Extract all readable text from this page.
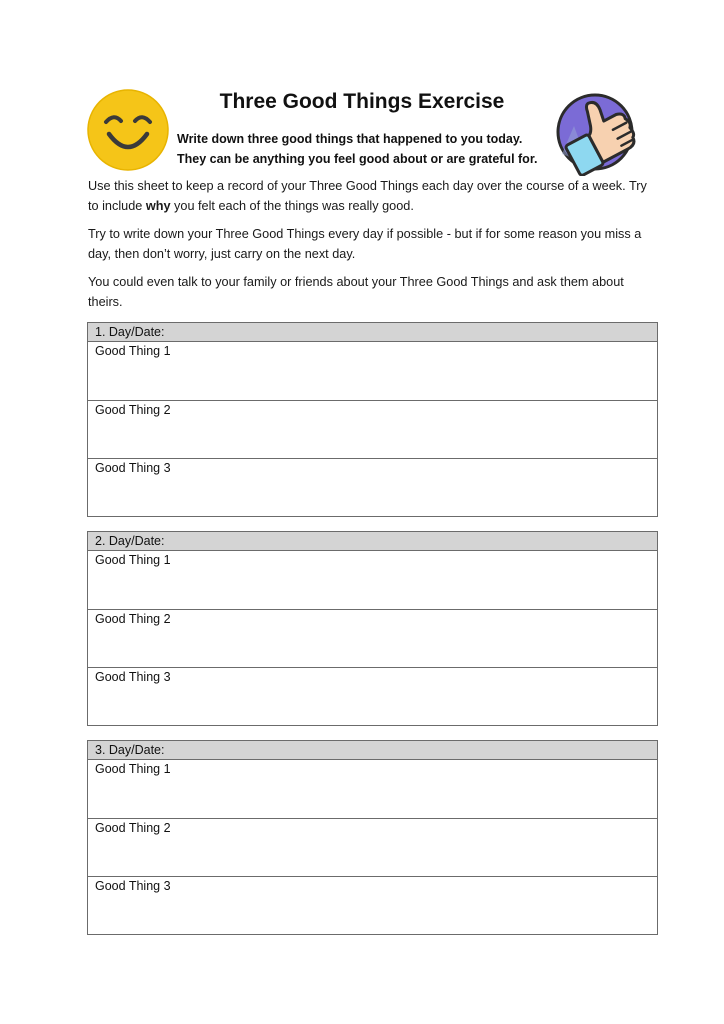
Three Good Things Exercise
Write down three good things that happened to you today.
They can be anything you feel good about or are grateful for.
Use this sheet to keep a record of your Three Good Things each day over the course of a week. Try to include why you felt each of the things was really good.
Try to write down your Three Good Things every day if possible - but if for some reason you miss a day, then don’t worry, just carry on the next day.
You could even talk to your family or friends about your Three Good Things and ask them about theirs.
1. Day/Date:
Good Thing 1
Good Thing 2
Good Thing 3
2. Day/Date:
Good Thing 1
Good Thing 2
Good Thing 3
3. Day/Date:
Good Thing 1
Good Thing 2
Good Thing 3
